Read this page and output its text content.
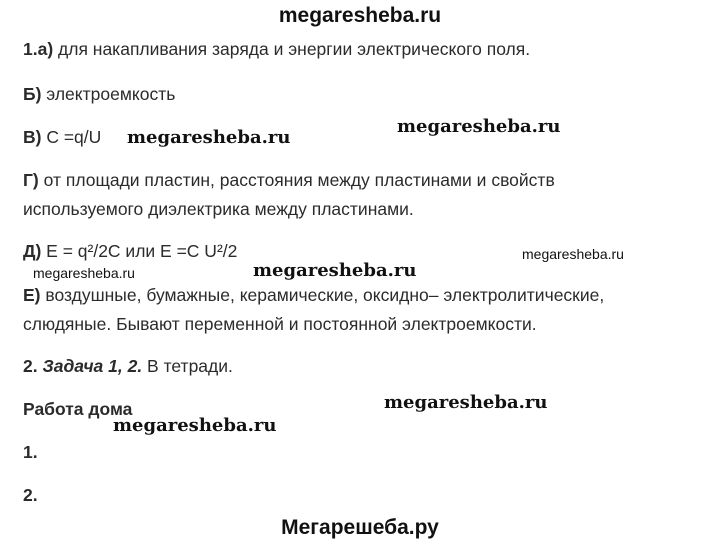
megaresheba.ru
1.а) для накапливания заряда и энергии электрического поля.
Б) электроемкость
В) С =q/U
Г) от площади пластин, расстояния между пластинами и свойств
используемого диэлектрика между пластинами.
Д) E = q²/2C или E =C U²/2
Е) воздушные, бумажные, керамические, оксидно– электролитические,
слюдяные. Бывают переменной и постоянной электроемкости.
2. Задача 1, 2. В тетради.
Работа дома
1.
2.
megaresheba.ru
megaresheba.ru
megaresheba.ru
megaresheba.ru	megaresheba.ru
megaresheba.ru
megaresheba.ru
Мегарешеба.ру
